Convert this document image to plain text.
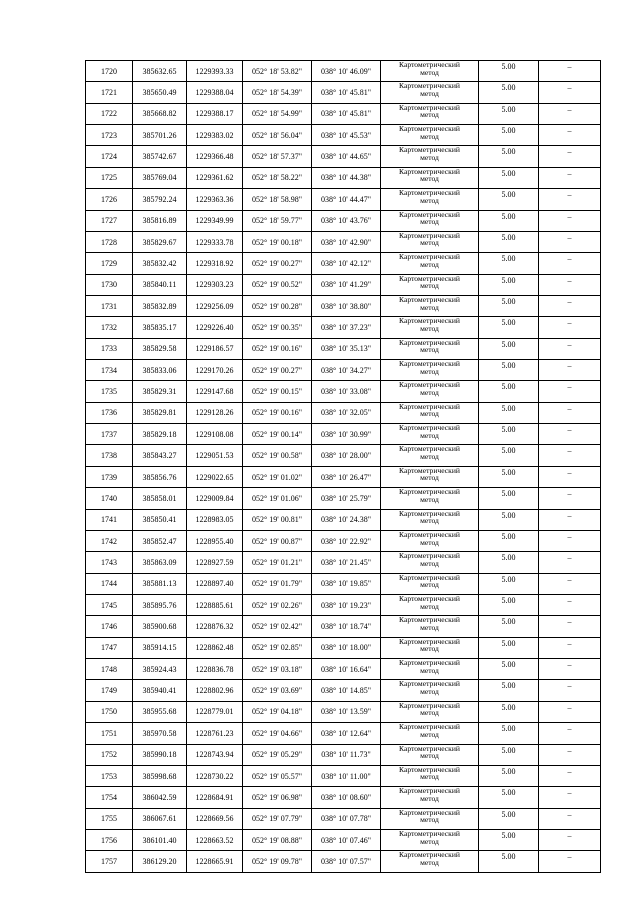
1720	385632.65	1229393.33	052° 18' 53.82"	038° 10' 46.09"	Картометрический
метод	5.00	–
1721	385650.49	1229388.04	052° 18' 54.39"	038° 10' 45.81"	Картометрический
метод	5.00	–
1722	385668.82	1229388.17	052° 18' 54.99"	038° 10' 45.81"	Картометрический
метод	5.00	–
1723	385701.26	1229383.02	052° 18' 56.04"	038° 10' 45.53"	Картометрический
метод	5.00	–
1724	385742.67	1229366.48	052° 18' 57.37"	038° 10' 44.65"	Картометрический
метод	5.00	–
1725	385769.04	1229361.62	052° 18' 58.22"	038° 10' 44.38"	Картометрический
метод	5.00	–
1726	385792.24	1229363.36	052° 18' 58.98"	038° 10' 44.47"	Картометрический
метод	5.00	–
1727	385816.89	1229349.99	052° 18' 59.77"	038° 10' 43.76"	Картометрический
метод	5.00	–
1728	385829.67	1229333.78	052° 19' 00.18"	038° 10' 42.90"	Картометрический
метод	5.00	–
1729	385832.42	1229318.92	052° 19' 00.27"	038° 10' 42.12"	Картометрический
метод	5.00	–
1730	385840.11	1229303.23	052° 19' 00.52"	038° 10' 41.29"	Картометрический
метод	5.00	–
1731	385832.89	1229256.09	052° 19' 00.28"	038° 10' 38.80"	Картометрический
метод	5.00	–
1732	385835.17	1229226.40	052° 19' 00.35"	038° 10' 37.23"	Картометрический
метод	5.00	–
1733	385829.58	1229186.57	052° 19' 00.16"	038° 10' 35.13"	Картометрический
метод	5.00	–
1734	385833.06	1229170.26	052° 19' 00.27"	038° 10' 34.27"	Картометрический
метод	5.00	–
1735	385829.31	1229147.68	052° 19' 00.15"	038° 10' 33.08"	Картометрический
метод	5.00	–
1736	385829.81	1229128.26	052° 19' 00.16"	038° 10' 32.05"	Картометрический
метод	5.00	–
1737	385829.18	1229108.08	052° 19' 00.14"	038° 10' 30.99"	Картометрический
метод	5.00	–
1738	385843.27	1229051.53	052° 19' 00.58"	038° 10' 28.00"	Картометрический
метод	5.00	–
1739	385856.76	1229022.65	052° 19' 01.02"	038° 10' 26.47"	Картометрический
метод	5.00	–
1740	385858.01	1229009.84	052° 19' 01.06"	038° 10' 25.79"	Картометрический
метод	5.00	–
1741	385850.41	1228983.05	052° 19' 00.81"	038° 10' 24.38"	Картометрический
метод	5.00	–
1742	385852.47	1228955.40	052° 19' 00.87"	038° 10' 22.92"	Картометрический
метод	5.00	–
1743	385863.09	1228927.59	052° 19' 01.21"	038° 10' 21.45"	Картометрический
метод	5.00	–
1744	385881.13	1228897.40	052° 19' 01.79"	038° 10' 19.85"	Картометрический
метод	5.00	–
1745	385895.76	1228885.61	052° 19' 02.26"	038° 10' 19.23"	Картометрический
метод	5.00	–
1746	385900.68	1228876.32	052° 19' 02.42"	038° 10' 18.74"	Картометрический
метод	5.00	–
1747	385914.15	1228862.48	052° 19' 02.85"	038° 10' 18.00"	Картометрический
метод	5.00	–
1748	385924.43	1228836.78	052° 19' 03.18"	038° 10' 16.64"	Картометрический
метод	5.00	–
1749	385940.41	1228802.96	052° 19' 03.69"	038° 10' 14.85"	Картометрический
метод	5.00	–
1750	385955.68	1228779.01	052° 19' 04.18"	038° 10' 13.59"	Картометрический
метод	5.00	–
1751	385970.58	1228761.23	052° 19' 04.66"	038° 10' 12.64"	Картометрический
метод	5.00	–
1752	385990.18	1228743.94	052° 19' 05.29"	038° 10' 11.73"	Картометрический
метод	5.00	–
1753	385998.68	1228730.22	052° 19' 05.57"	038° 10' 11.00"	Картометрический
метод	5.00	–
1754	386042.59	1228684.91	052° 19' 06.98"	038° 10' 08.60"	Картометрический
метод	5.00	–
1755	386067.61	1228669.56	052° 19' 07.79"	038° 10' 07.78"	Картометрический
метод	5.00	–
1756	386101.40	1228663.52	052° 19' 08.88"	038° 10' 07.46"	Картометрический
метод	5.00	–
1757	386129.20	1228665.91	052° 19' 09.78"	038° 10' 07.57"	Картометрический
метод	5.00	–
